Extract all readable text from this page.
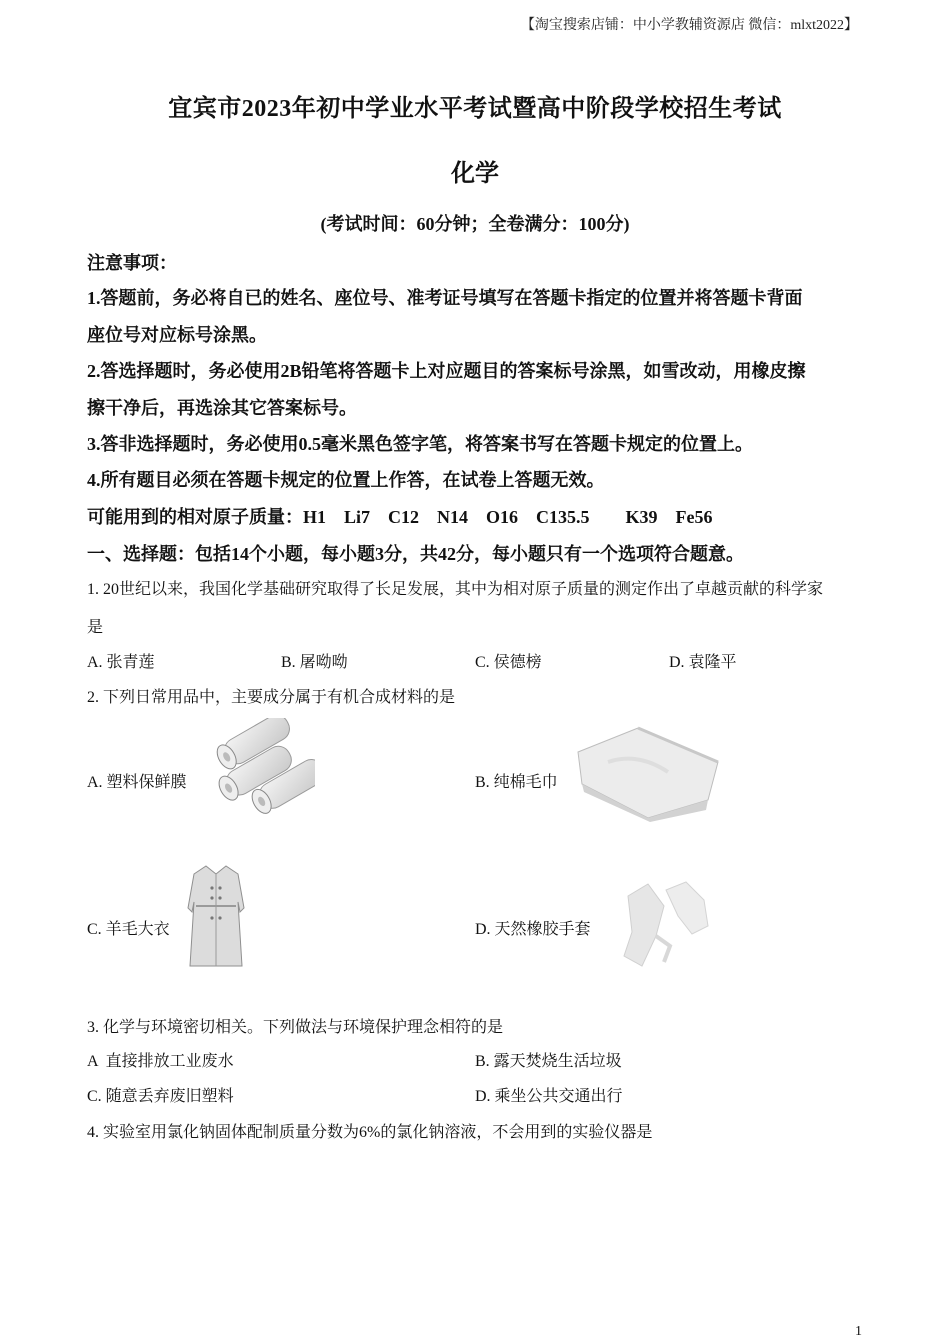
【淘宝搜索店铺：中小学教辅资源店 微信：mlxt2022】
宜宾市2023年初中学业水平考试暨高中阶段学校招生考试
化学
(考试时间：60分钟；全卷满分：100分)
注意事项：
1.答题前，务必将自已的姓名、座位号、准考证号填写在答题卡指定的位置并将答题卡背面
座位号对应标号涂黑。
2.答选择题时，务必使用2B铅笔将答题卡上对应题目的答案标号涂黑，如雪改动，用橡皮擦
擦干净后，再选涂其它答案标号。
3.答非选择题时，务必使用0.5毫米黑色签字笔，将答案书写在答题卡规定的位置上。
4.所有题目必须在答题卡规定的位置上作答，在试卷上答题无效。
可能用到的相对原子质量：H1    Li7    C12    N14    O16    C135.5        K39    Fe56
一、选择题：包括14个小题，每小题3分，共42分，每小题只有一个选项符合题意。
1. 20世纪以来，我国化学基础研究取得了长足发展，其中为相对原子质量的测定作出了卓越贡献的科学家
是
A. 张青莲	B. 屠呦呦	C. 侯德榜	D. 袁隆平
2. 下列日常用品中，主要成分属于有机合成材料的是
A. 塑料保鲜膜	B. 纯棉毛巾
C. 羊毛大衣	D. 天然橡胶手套
3. 化学与环境密切相关。下列做法与环境保护理念相符的是
A  直接排放工业废水	B. 露天焚烧生活垃圾
C. 随意丢弃废旧塑料	D. 乘坐公共交通出行
4. 实验室用氯化钠固体配制质量分数为6%的氯化钠溶液，不会用到的实验仪器是
1
